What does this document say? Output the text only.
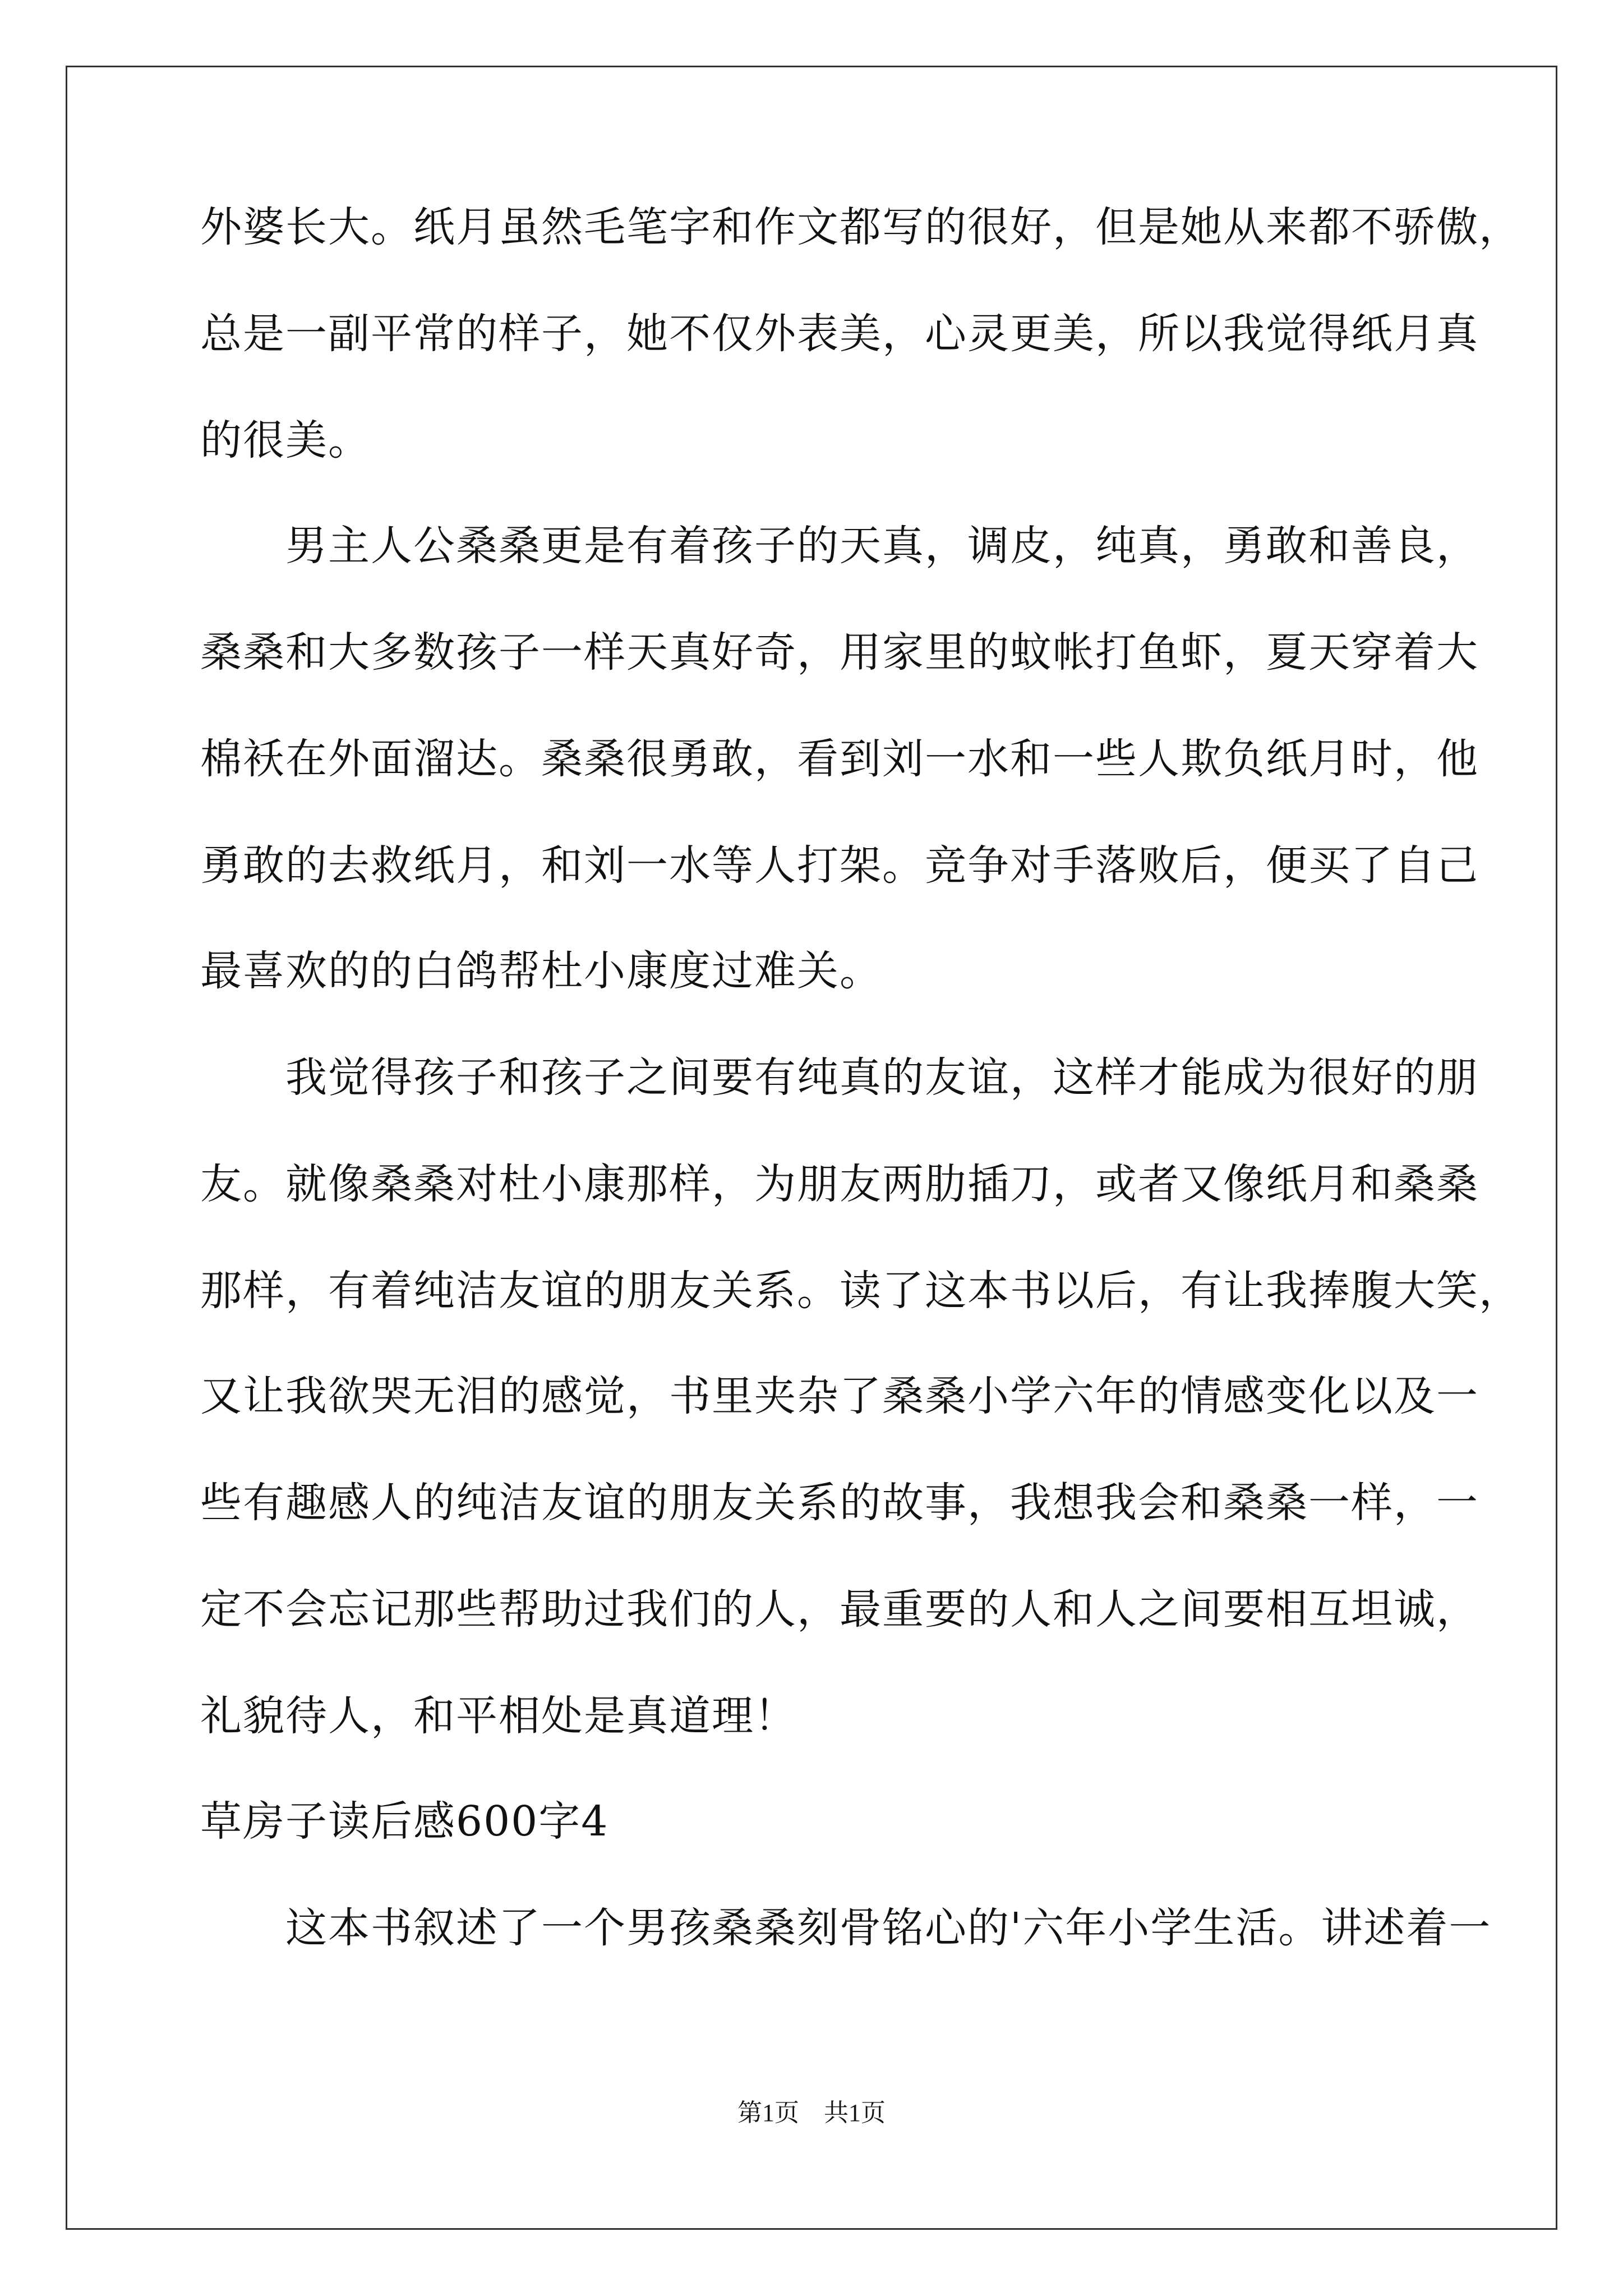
外婆长大。纸月虽然毛笔字和作文都写的很好，但是她从来都不骄傲，
总是一副平常的样子，她不仅外表美，心灵更美，所以我觉得纸月真
的很美。
　　男主人公桑桑更是有着孩子的天真，调皮，纯真，勇敢和善良，
桑桑和大多数孩子一样天真好奇，用家里的蚊帐打鱼虾，夏天穿着大
棉袄在外面溜达。桑桑很勇敢，看到刘一水和一些人欺负纸月时，他
勇敢的去救纸月，和刘一水等人打架。竞争对手落败后，便买了自己
最喜欢的的白鸽帮杜小康度过难关。
　　我觉得孩子和孩子之间要有纯真的友谊，这样才能成为很好的朋
友。就像桑桑对杜小康那样，为朋友两肋插刀，或者又像纸月和桑桑
那样，有着纯洁友谊的朋友关系。读了这本书以后，有让我捧腹大笑，
又让我欲哭无泪的感觉，书里夹杂了桑桑小学六年的情感变化以及一
些有趣感人的纯洁友谊的朋友关系的故事，我想我会和桑桑一样，一
定不会忘记那些帮助过我们的人，最重要的人和人之间要相互坦诚，
礼貌待人，和平相处是真道理！
草房子读后感600字4
　　这本书叙述了一个男孩桑桑刻骨铭心的'六年小学生活。讲述着一
第1页　共1页
